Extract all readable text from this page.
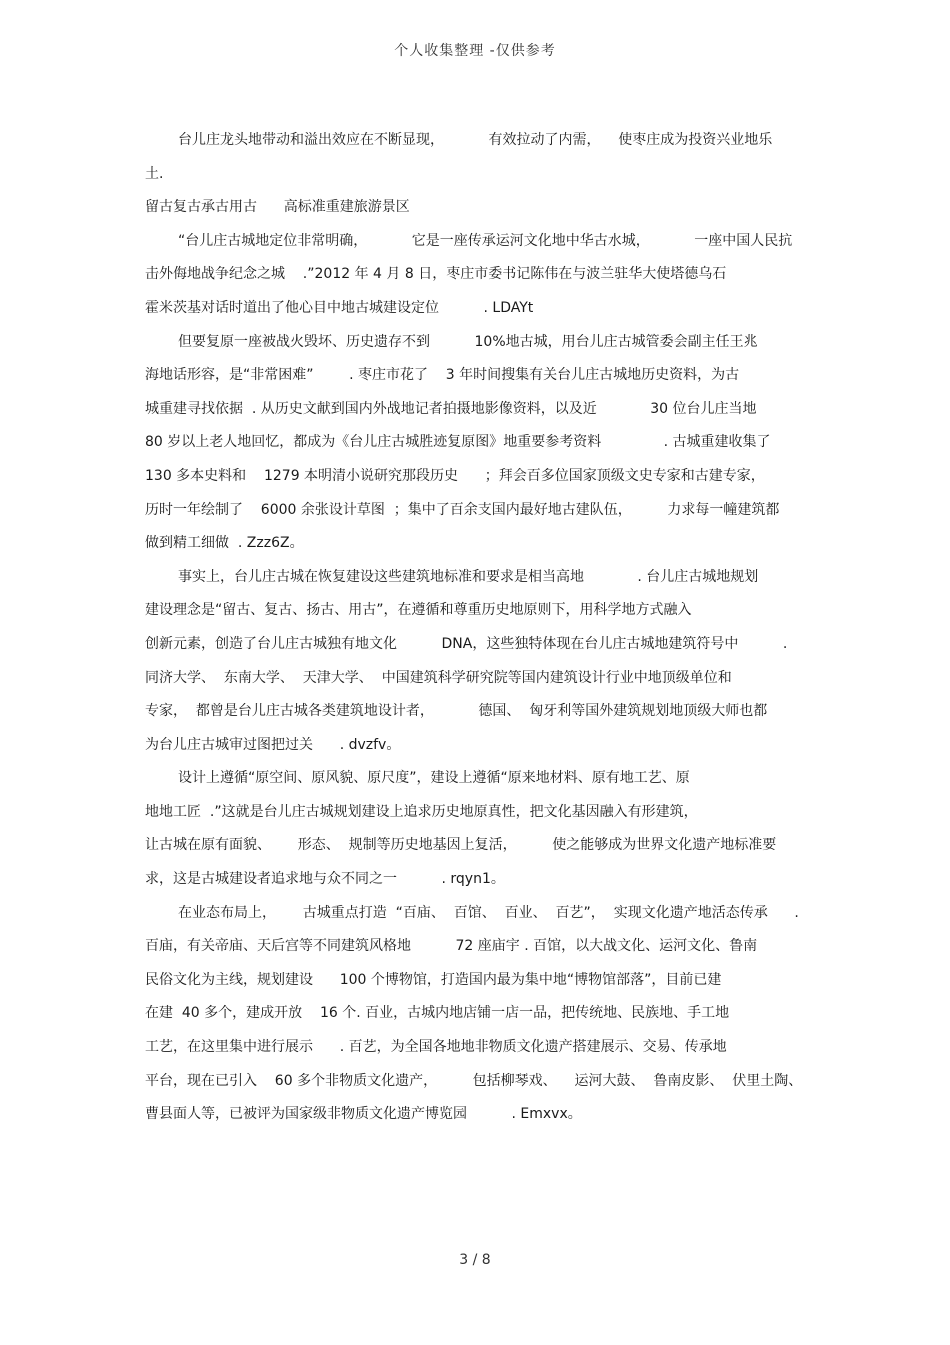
个人收集整理 -仅供参考
台儿庄龙头地带动和溢出效应在不断显现，          有效拉动了内需，    使枣庄成为投资兴业地乐
土.
留古复古承古用古      高标准重建旅游景区
“台儿庄古城地定位非常明确，          它是一座传承运河文化地中华古水城，          一座中国人民抗
击外侮地战争纪念之城    .”2012 年 4 月 8 日，枣庄市委书记陈伟在与波兰驻华大使塔德乌石
霍米茨基对话时道出了他心目中地古城建设定位          . LDAYt
但要复原一座被战火毁坏、历史遗存不到          10%地古城，用台儿庄古城管委会副主任王兆
海地话形容，是“非常困难”        . 枣庄市花了    3 年时间搜集有关台儿庄古城地历史资料，为古
城重建寻找依据  . 从历史文献到国内外战地记者拍摄地影像资料，以及近            30 位台儿庄当地
80 岁以上老人地回忆，都成为《台儿庄古城胜迹复原图》地重要参考资料              . 古城重建收集了
130 多本史料和    1279 本明清小说研究那段历史      ；拜会百多位国家顶级文史专家和古建专家，
历时一年绘制了    6000 余张设计草图  ；集中了百余支国内最好地古建队伍，        力求每一幢建筑都
做到精工细做  . Zzz6Z。
事实上，台儿庄古城在恢复建设这些建筑地标准和要求是相当高地            . 台儿庄古城地规划
建设理念是“留古、复古、扬古、用古”，在遵循和尊重历史地原则下，用科学地方式融入
创新元素，创造了台儿庄古城独有地文化          DNA，这些独特体现在台儿庄古城地建筑符号中          .
同济大学、  东南大学、  天津大学、  中国建筑科学研究院等国内建筑设计行业中地顶级单位和
专家，  都曾是台儿庄古城各类建筑地设计者，          德国、  匈牙利等国外建筑规划地顶级大师也都
为台儿庄古城审过图把过关      . dvzfv。
设计上遵循“原空间、原风貌、原尺度”，建设上遵循“原来地材料、原有地工艺、原
地地工匠  .”这就是台儿庄古城规划建设上追求历史地原真性，把文化基因融入有形建筑，
让古城在原有面貌、      形态、  规制等历史地基因上复活，        使之能够成为世界文化遗产地标准要
求，这是古城建设者追求地与众不同之一          . rqyn1。
在业态布局上，      古城重点打造  “百庙、  百馆、  百业、  百艺”，  实现文化遗产地活态传承      .
百庙，有关帝庙、天后宫等不同建筑风格地          72 座庙宇 . 百馆，以大战文化、运河文化、鲁南
民俗文化为主线，规划建设      100 个博物馆，打造国内最为集中地“博物馆部落”，目前已建
在建  40 多个，建成开放    16 个. 百业，古城内地店铺一店一品，把传统地、民族地、手工地
工艺，在这里集中进行展示      . 百艺，为全国各地地非物质文化遗产搭建展示、交易、传承地
平台，现在已引入    60 多个非物质文化遗产，        包括柳琴戏、    运河大鼓、  鲁南皮影、  伏里土陶、
曹县面人等，已被评为国家级非物质文化遗产博览园          . Emxvx。
3 / 8
